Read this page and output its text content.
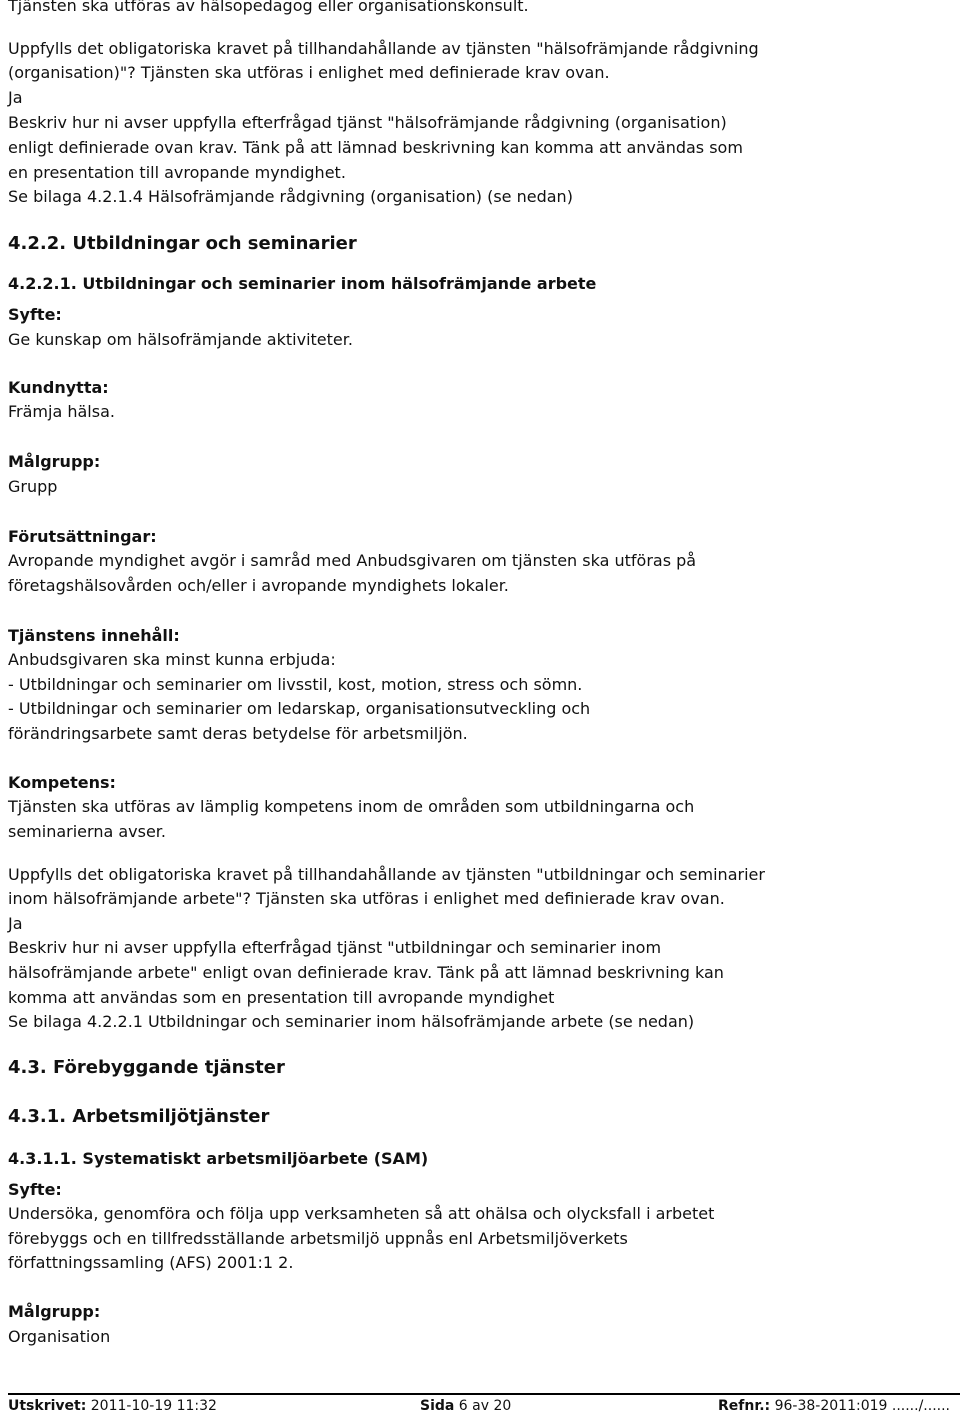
Tjänsten ska utföras av hälsopedagog eller organisationskonsult.
Uppfylls det obligatoriska kravet på tillhandahållande av tjänsten "hälsofrämjande rådgivning
(organisation)"? Tjänsten ska utföras i enlighet med definierade krav ovan.
Ja
Beskriv hur ni avser uppfylla efterfrågad tjänst "hälsofrämjande rådgivning (organisation)
enligt definierade ovan krav. Tänk på att lämnad beskrivning kan komma att användas som
en presentation till avropande myndighet.
Se bilaga 4.2.1.4 Hälsofrämjande rådgivning (organisation) (se nedan)
4.2.2. Utbildningar och seminarier
4.2.2.1. Utbildningar och seminarier inom hälsofrämjande arbete
Syfte:
Ge kunskap om hälsofrämjande aktiviteter.
Kundnytta:
Främja hälsa.
Målgrupp:
Grupp
Förutsättningar:
Avropande myndighet avgör i samråd med Anbudsgivaren om tjänsten ska utföras på
företagshälsovården och/eller i avropande myndighets lokaler.
Tjänstens innehåll:
Anbudsgivaren ska minst kunna erbjuda:
- Utbildningar och seminarier om livsstil, kost, motion, stress och sömn.
- Utbildningar och seminarier om ledarskap, organisationsutveckling och
förändringsarbete samt deras betydelse för arbetsmiljön.
Kompetens:
Tjänsten ska utföras av lämplig kompetens inom de områden som utbildningarna och
seminarierna avser.
Uppfylls det obligatoriska kravet på tillhandahållande av tjänsten "utbildningar och seminarier
inom hälsofrämjande arbete"? Tjänsten ska utföras i enlighet med definierade krav ovan.
Ja
Beskriv hur ni avser uppfylla efterfrågad tjänst "utbildningar och seminarier inom
hälsofrämjande arbete" enligt ovan definierade krav. Tänk på att lämnad beskrivning kan
komma att användas som en presentation till avropande myndighet
Se bilaga 4.2.2.1 Utbildningar och seminarier inom hälsofrämjande arbete (se nedan)
4.3. Förebyggande tjänster
4.3.1. Arbetsmiljötjänster
4.3.1.1. Systematiskt arbetsmiljöarbete (SAM)
Syfte:
Undersöka, genomföra och följa upp verksamheten så att ohälsa och olycksfall i arbetet
förebyggs och en tillfredsställande arbetsmiljö uppnås enl Arbetsmiljöverkets
författningssamling (AFS) 2001:1 2.
Målgrupp:
Organisation
Utskrivet: 2011-10-19 11:32	Sida 6 av 20	Refnr.: 96-38-2011:019 ....../......
